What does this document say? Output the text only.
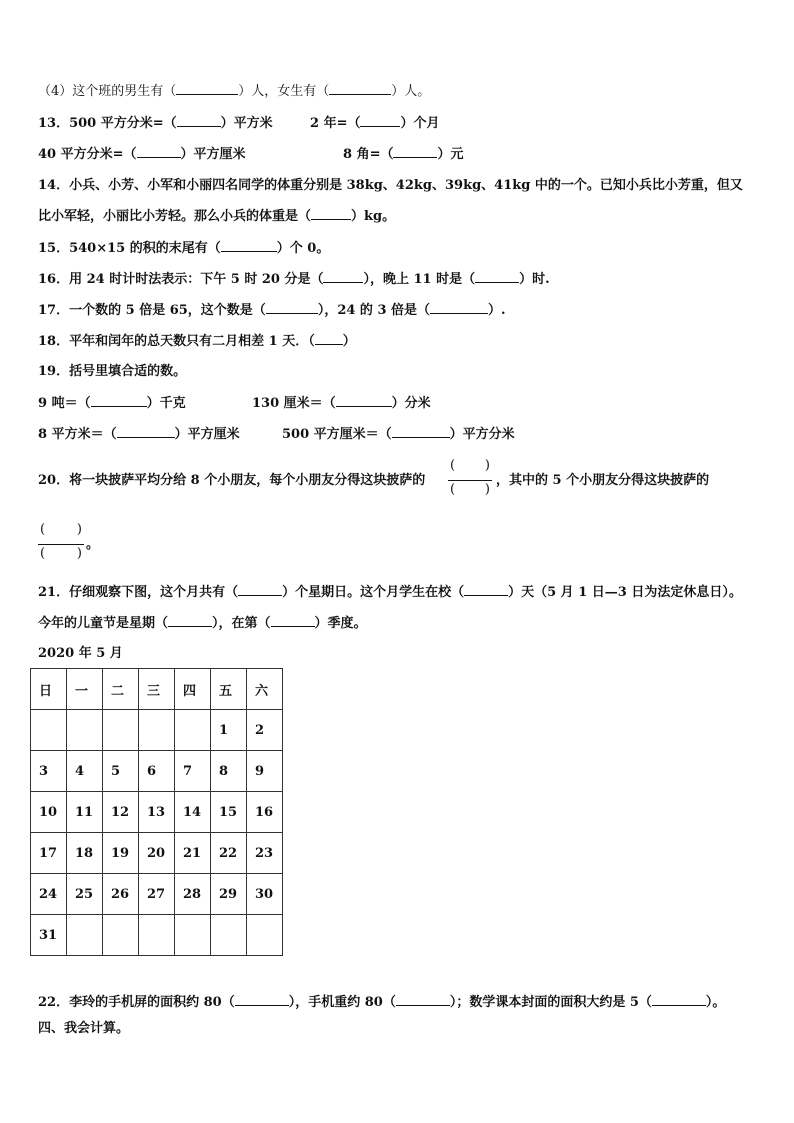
（4）这个班的男生有（	）人，女生有（	）人。
13．500 平方分米=（	）平方米	2 年=（	）个月
40 平方分米=（	）平方厘米	8 角=（	）元
14．小兵、小芳、小军和小丽四名同学的体重分别是 38kg、42kg、39kg、41kg 中的一个。已知小兵比小芳重，但又
比小军轻，小丽比小芳轻。那么小兵的体重是（	）kg。
15．540×15 的积的末尾有（	）个 0。
16．用 24 时计时法表示：下午 5 时 20 分是（	），晚上 11 时是（	）时.
17．一个数的 5 倍是 65，这个数是（	），24 的 3 倍是（	）.
18．平年和闰年的总天数只有二月相差 1 天．（ ）
19．括号里填合适的数。
9 吨＝（	）千克	130 厘米＝（	）分米
8 平方米＝（	）平方厘米	500 平方厘米＝（	）平方分米
20．将一块披萨平均分给 8 个小朋友，每个小朋友分得这块披萨的
( )
( )
，其中的 5 个小朋友分得这块披萨的
( )
( )
。
21．仔细观察下图，这个月共有（	）个星期日。这个月学生在校（	）天（5 月 1 日—3 日为法定休息日）。
今年的儿童节是星期（	），在第（	）季度。
2020 年 5 月
日	一	二	三	四	五	六
					1	2
3	4	5	6	7	8	9
10	11	12	13	14	15	16
17	18	19	20	21	22	23
24	25	26	27	28	29	30
31						
22．李玲的手机屏的面积约 80（	），手机重约 80（	）；数学课本封面的面积大约是 5（	）。
四、我会计算。
